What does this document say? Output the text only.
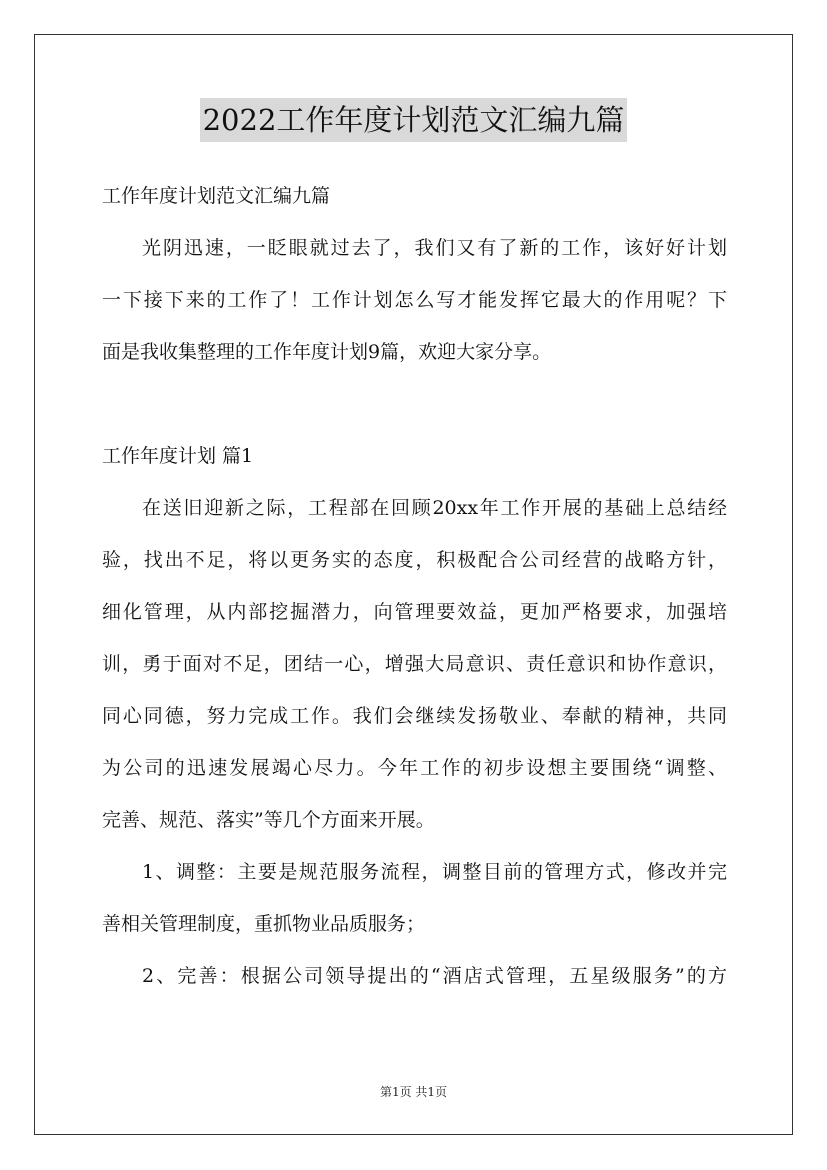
2022工作年度计划范文汇编九篇
工作年度计划范文汇编九篇
光阴迅速，一眨眼就过去了，我们又有了新的工作，该好好计划
一下接下来的工作了！工作计划怎么写才能发挥它最大的作用呢？下
面是我收集整理的工作年度计划9篇，欢迎大家分享。
工作年度计划 篇1
在送旧迎新之际，工程部在回顾20xx年工作开展的基础上总结经
验，找出不足，将以更务实的态度，积极配合公司经营的战略方针，
细化管理，从内部挖掘潜力，向管理要效益，更加严格要求，加强培
训，勇于面对不足，团结一心，增强大局意识、责任意识和协作意识，
同心同德，努力完成工作。我们会继续发扬敬业、奉献的精神，共同
为公司的迅速发展竭心尽力。今年工作的初步设想主要围绕“调整、
完善、规范、落实”等几个方面来开展。
1、调整：主要是规范服务流程，调整目前的管理方式，修改并完
善相关管理制度，重抓物业品质服务；
2、完善：根据公司领导提出的“酒店式管理，五星级服务”的方
第1页 共1页
